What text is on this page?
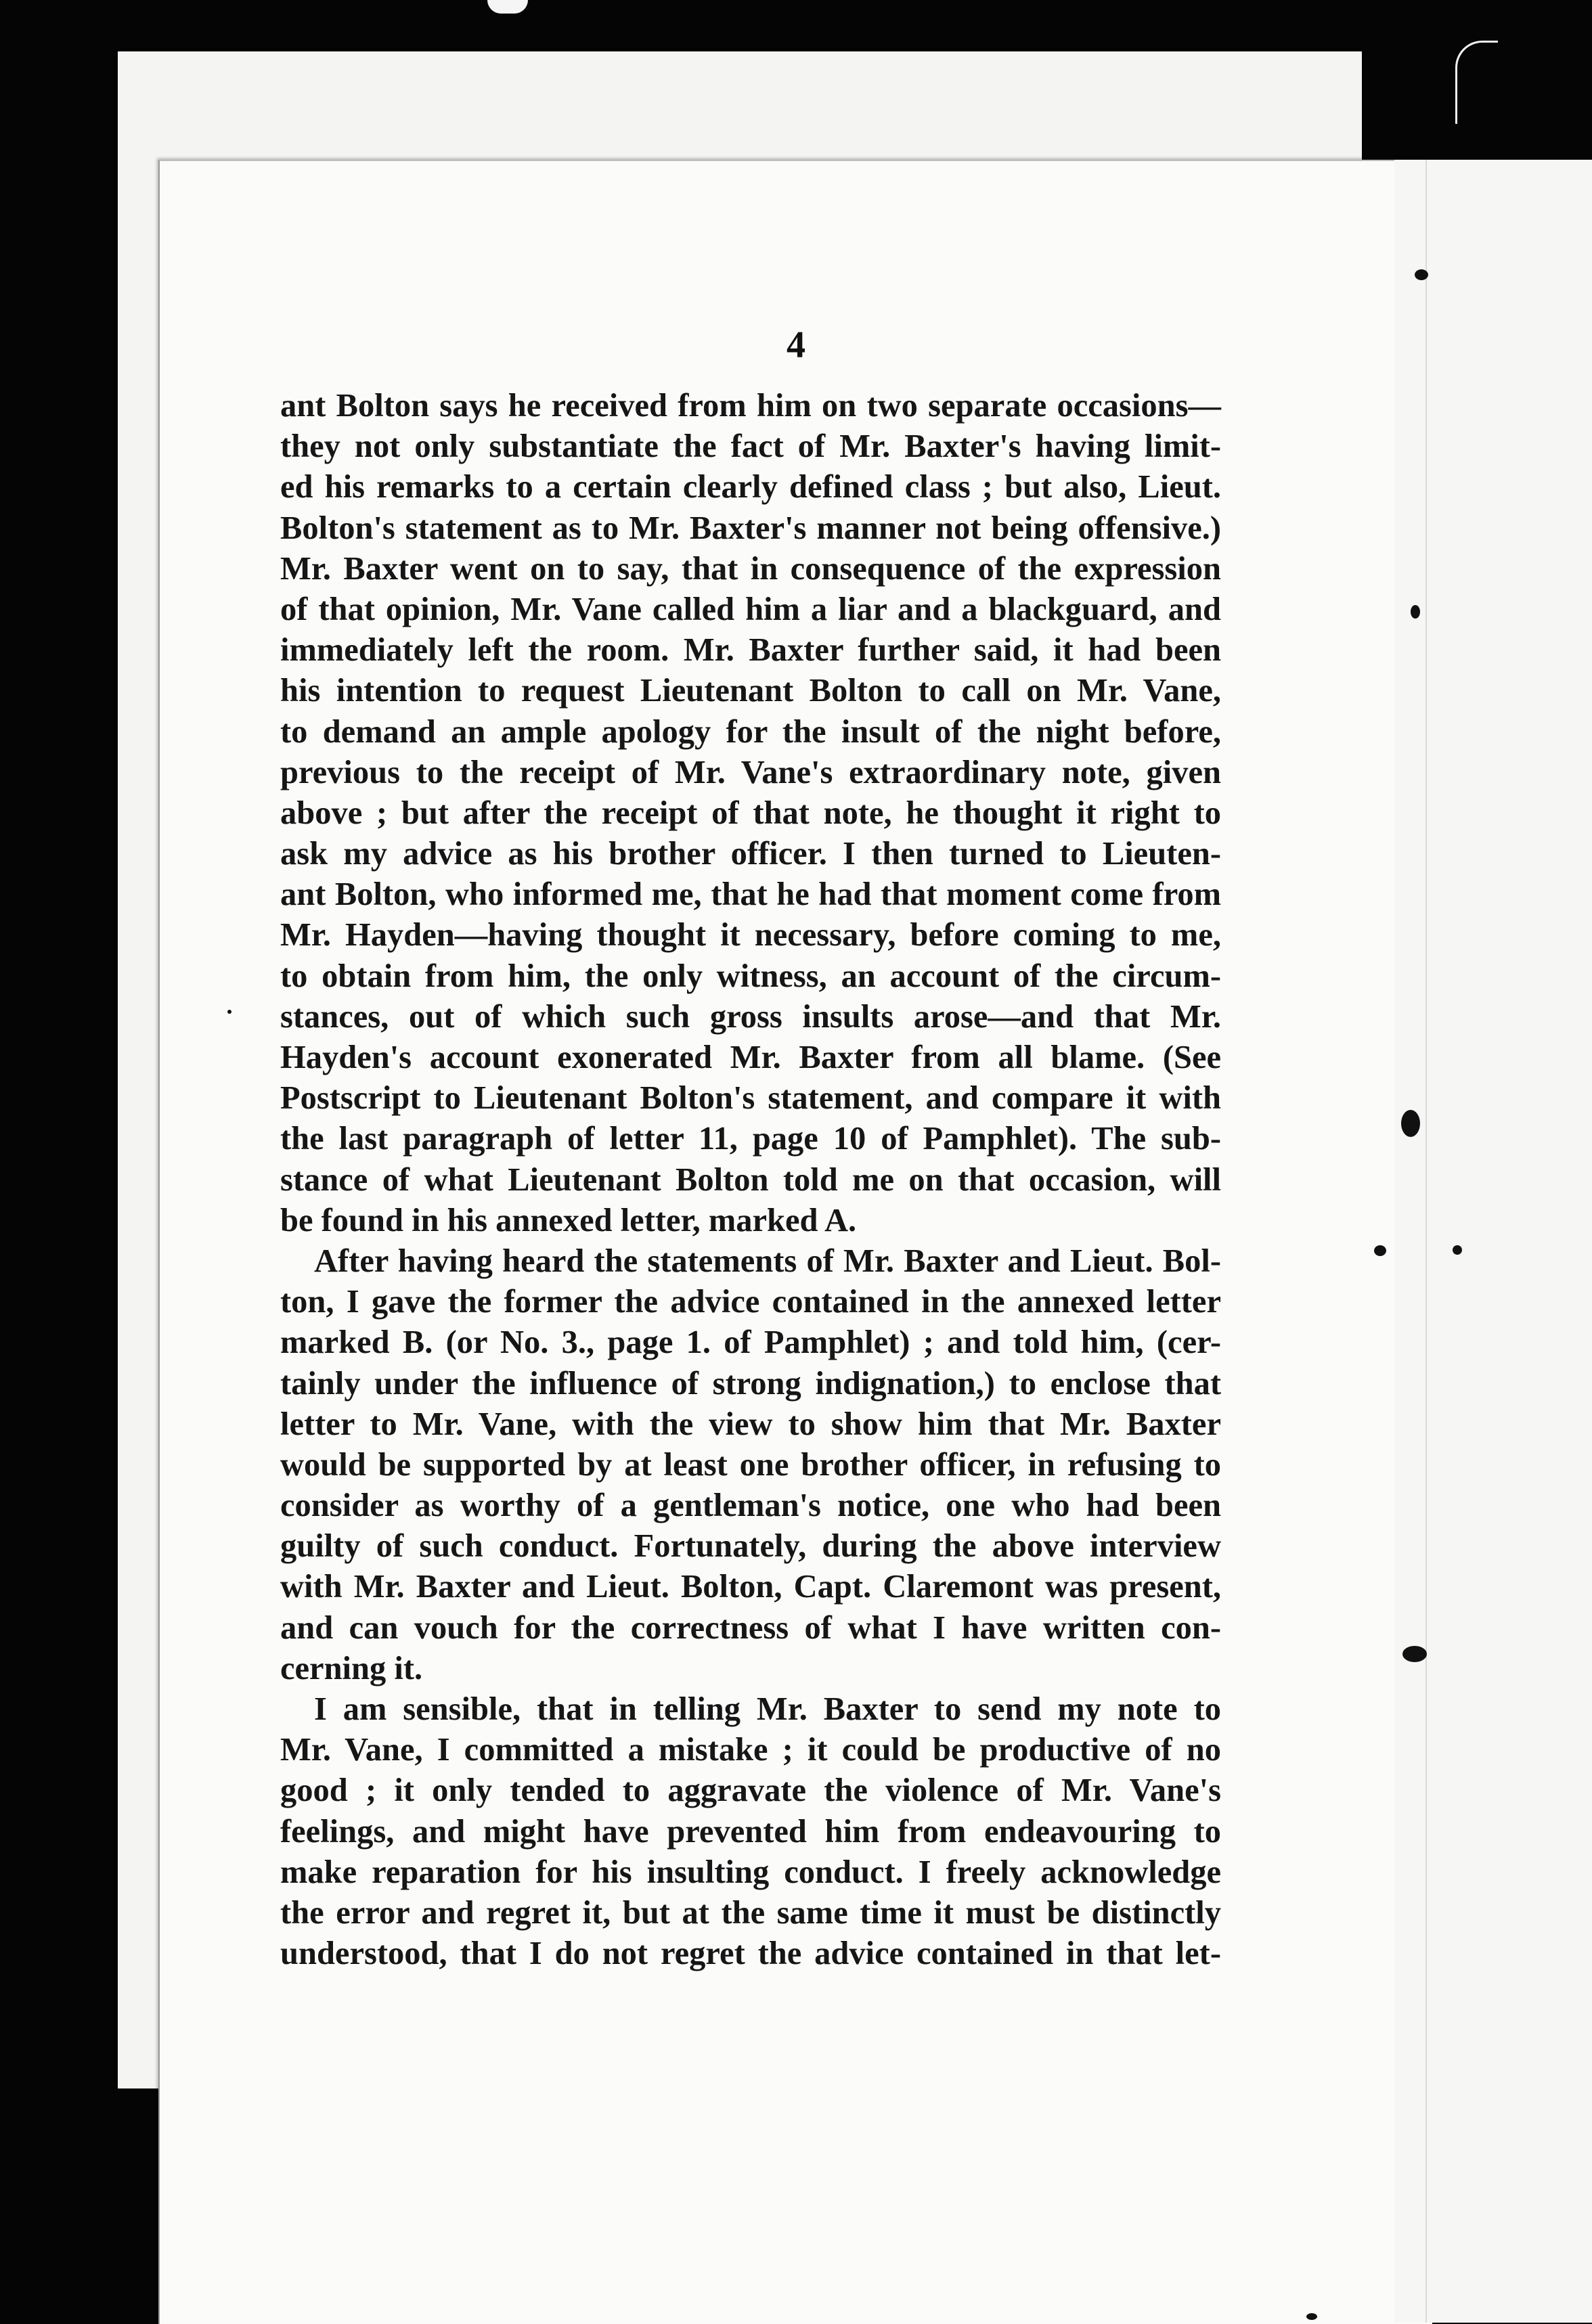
4
ant Bolton says he received from him on two separate occasions—
they not only substantiate the fact of Mr. Baxter's having limit-
ed his remarks to a certain clearly defined class ; but also, Lieut.
Bolton's statement as to Mr. Baxter's manner not being offensive.)
Mr. Baxter went on to say, that in consequence of the expression
of that opinion, Mr. Vane called him a liar and a blackguard, and
immediately left the room. Mr. Baxter further said, it had been
his intention to request Lieutenant Bolton to call on Mr. Vane,
to demand an ample apology for the insult of the night before,
previous to the receipt of Mr. Vane's extraordinary note, given
above ; but after the receipt of that note, he thought it right to
ask my advice as his brother officer. I then turned to Lieuten-
ant Bolton, who informed me, that he had that moment come from
Mr. Hayden—having thought it necessary, before coming to me,
to obtain from him, the only witness, an account of the circum-
stances, out of which such gross insults arose—and that Mr.
Hayden's account exonerated Mr. Baxter from all blame. (See
Postscript to Lieutenant Bolton's statement, and compare it with
the last paragraph of letter 11, page 10 of Pamphlet). The sub-
stance of what Lieutenant Bolton told me on that occasion, will
be found in his annexed letter, marked A.
After having heard the statements of Mr. Baxter and Lieut. Bol-
ton, I gave the former the advice contained in the annexed letter
marked B. (or No. 3., page 1. of Pamphlet) ; and told him, (cer-
tainly under the influence of strong indignation,) to enclose that
letter to Mr. Vane, with the view to show him that Mr. Baxter
would be supported by at least one brother officer, in refusing to
consider as worthy of a gentleman's notice, one who had been
guilty of such conduct. Fortunately, during the above interview
with Mr. Baxter and Lieut. Bolton, Capt. Claremont was present,
and can vouch for the correctness of what I have written con-
cerning it.
I am sensible, that in telling Mr. Baxter to send my note to
Mr. Vane, I committed a mistake ; it could be productive of no
good ; it only tended to aggravate the violence of Mr. Vane's
feelings, and might have prevented him from endeavouring to
make reparation for his insulting conduct. I freely acknowledge
the error and regret it, but at the same time it must be distinctly
understood, that I do not regret the advice contained in that let-
